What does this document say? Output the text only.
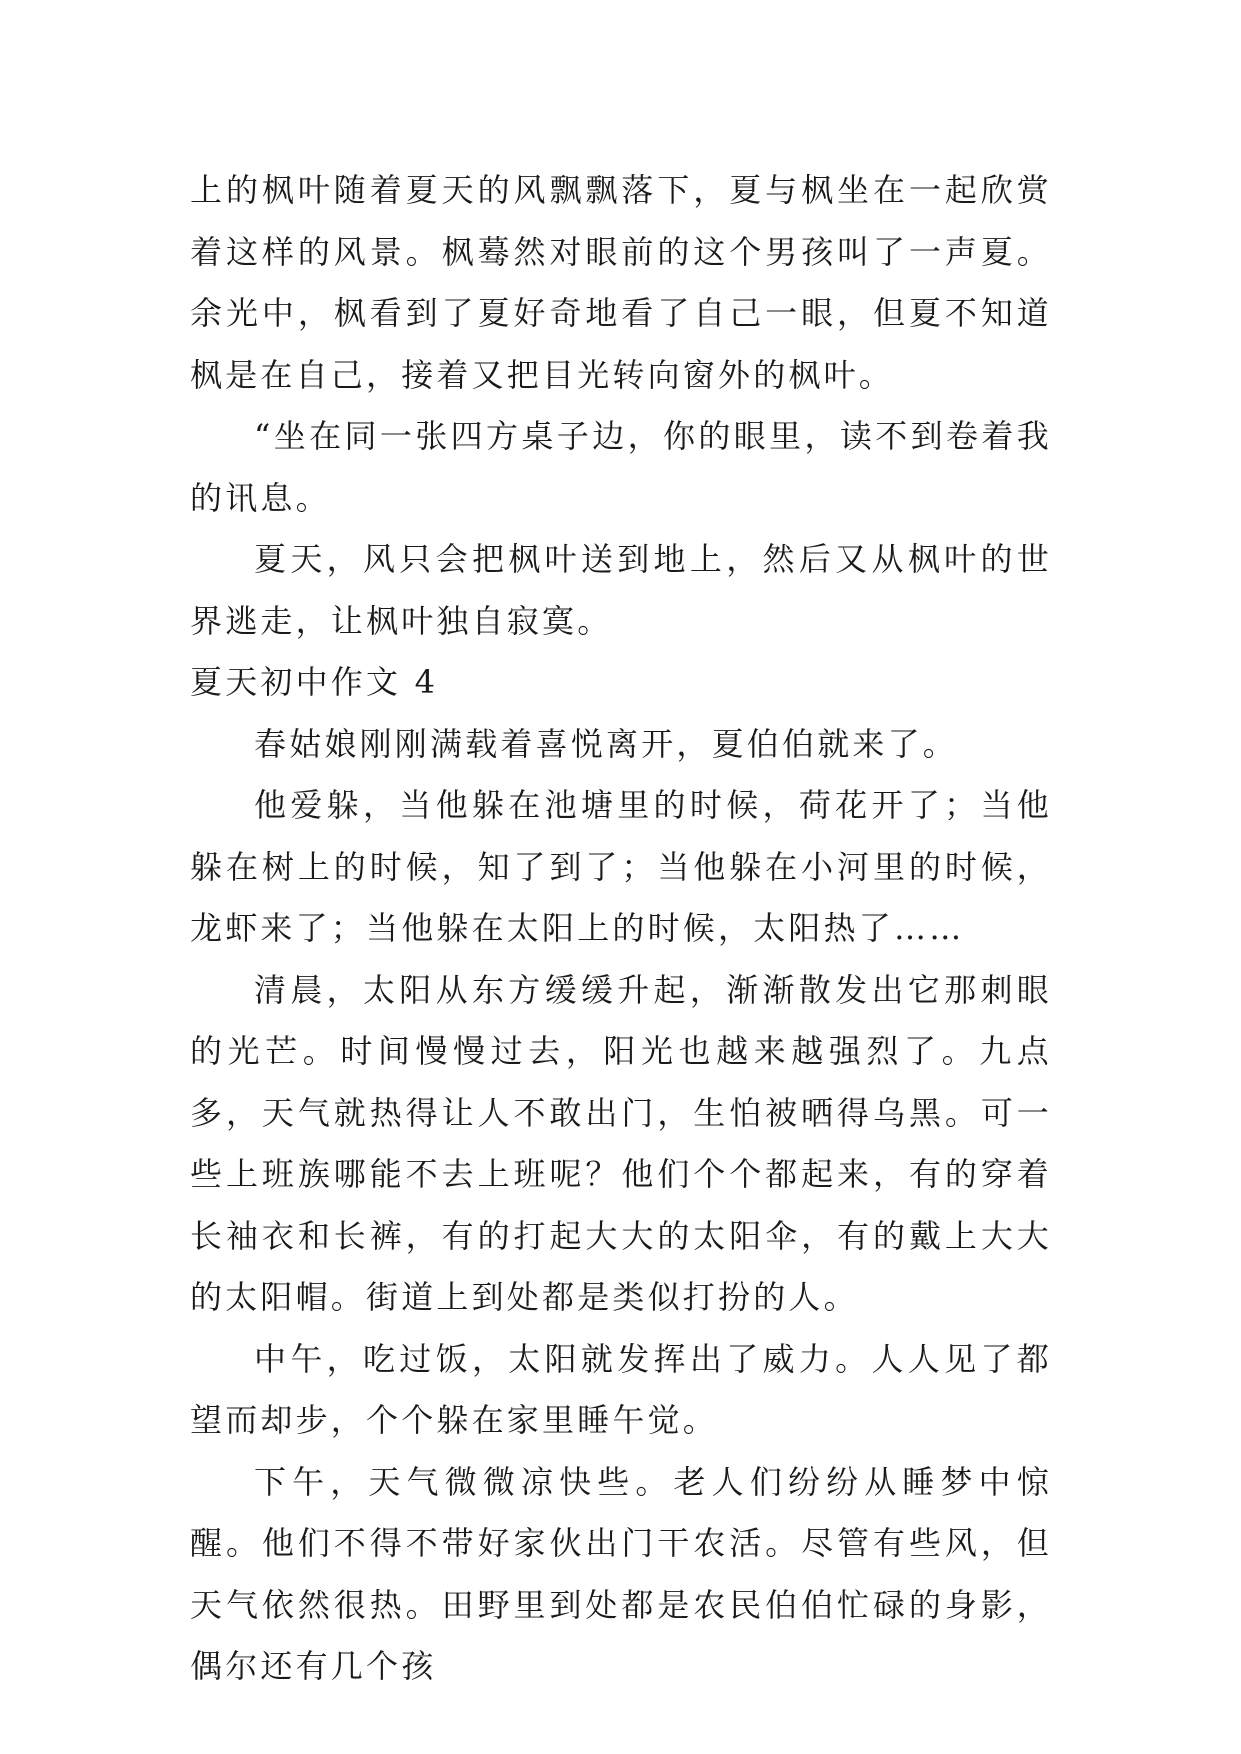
上的枫叶随着夏天的风飘飘落下，夏与枫坐在一起欣赏着这样的风景。枫蓦然对眼前的这个男孩叫了一声夏。余光中，枫看到了夏好奇地看了自己一眼，但夏不知道枫是在自己，接着又把目光转向窗外的枫叶。

“坐在同一张四方桌子边，你的眼里，读不到卷着我的讯息。

夏天，风只会把枫叶送到地上，然后又从枫叶的世界逃走，让枫叶独自寂寞。

夏天初中作文 4

春姑娘刚刚满载着喜悦离开，夏伯伯就来了。

他爱躲，当他躲在池塘里的时候，荷花开了；当他躲在树上的时候，知了到了；当他躲在小河里的时候，龙虾来了；当他躲在太阳上的时候，太阳热了……

清晨，太阳从东方缓缓升起，渐渐散发出它那刺眼的光芒。时间慢慢过去，阳光也越来越强烈了。九点多，天气就热得让人不敢出门，生怕被晒得乌黑。可一些上班族哪能不去上班呢？他们个个都起来，有的穿着长袖衣和长裤，有的打起大大的太阳伞，有的戴上大大的太阳帽。街道上到处都是类似打扮的人。

中午，吃过饭，太阳就发挥出了威力。人人见了都望而却步，个个躲在家里睡午觉。

下午，天气微微凉快些。老人们纷纷从睡梦中惊醒。他们不得不带好家伙出门干农活。尽管有些风，但天气依然很热。田野里到处都是农民伯伯忙碌的身影，偶尔还有几个孩
